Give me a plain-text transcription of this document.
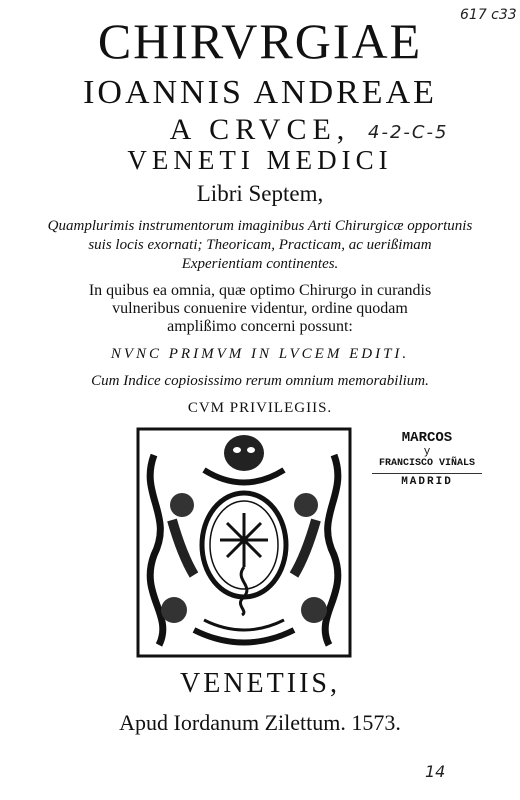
CHIRVRGIAE
IOANNIS ANDREAE
A CRVCE,
VENETI MEDICI
Libri Septem,
Quamplurimis instrumentorum imaginibus Arti Chirurgicæ opportunis
suis locis exornati; Theoricam, Practicam, ac uerißimam
Experientiam continentes.
In quibus ea omnia, quæ optimo Chirurgo in curandis
vulneribus conuenire videntur, ordine quodam
amplißimo concerni possunt:
NVNC PRIMVM IN LVCEM EDITI.
Cum Indice copiosissimo rerum omnium memorabilium.
CVM PRIVILEGIIS.
MARCOS
y
FRANCISCO VIÑALS
MADRID
VENETIIS,
Apud Iordanum Zilettum. 1573.
617 c33
4-2-C-5
14
